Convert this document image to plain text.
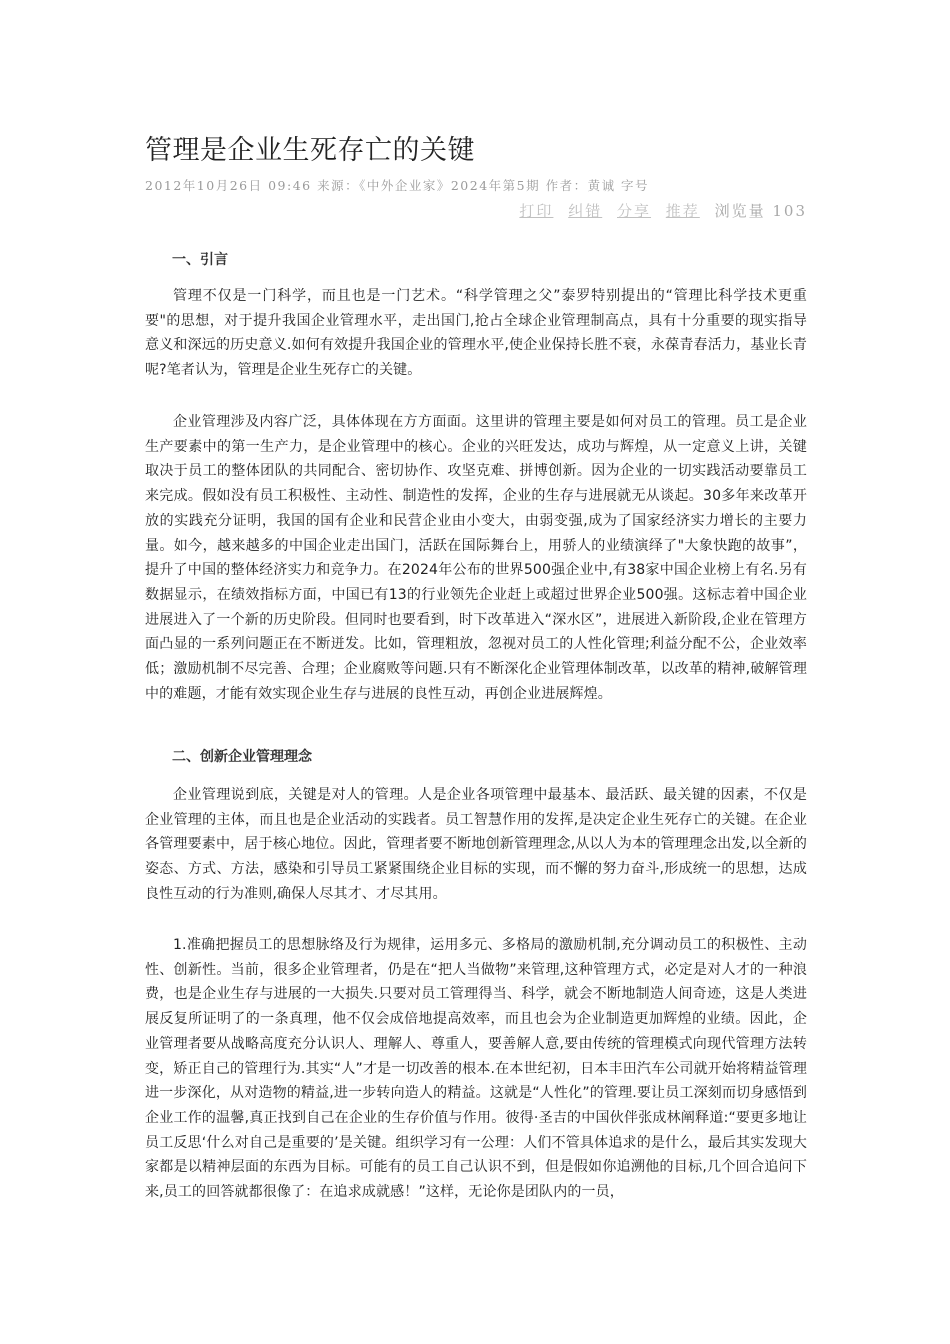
管理是企业生死存亡的关键
2012年10月26日 09:46 来源：《中外企业家》2024年第5期 作者：黄诚 字号
打印 纠错 分享 推荐 浏览量 103
一、引言

管理不仅是一门科学，而且也是一门艺术。“科学管理之父”泰罗特别提出的“管理比科学技术更重要"的思想，对于提升我国企业管理水平，走出国门,抢占全球企业管理制高点，具有十分重要的现实指导意义和深远的历史意义.如何有效提升我国企业的管理水平,使企业保持长胜不衰，永葆青春活力，基业长青呢?笔者认为，管理是企业生死存亡的关键。

企业管理涉及内容广泛，具体体现在方方面面。这里讲的管理主要是如何对员工的管理。员工是企业生产要素中的第一生产力，是企业管理中的核心。企业的兴旺发达，成功与辉煌，从一定意义上讲，关键取决于员工的整体团队的共同配合、密切协作、攻坚克难、拼博创新。因为企业的一切实践活动要靠员工来完成。假如没有员工积极性、主动性、制造性的发挥，企业的生存与进展就无从谈起。30多年来改革开放的实践充分证明，我国的国有企业和民营企业由小变大，由弱变强,成为了国家经济实力增长的主要力量。如今，越来越多的中国企业走出国门，活跃在国际舞台上，用骄人的业绩演绎了"大象快跑的故事”，提升了中国的整体经济实力和竞争力。在2024年公布的世界500强企业中,有38家中国企业榜上有名.另有数据显示，在绩效指标方面，中国已有13的行业领先企业赶上或超过世界企业500强。这标志着中国企业进展进入了一个新的历史阶段。但同时也要看到，时下改革进入“深水区”，进展进入新阶段,企业在管理方面凸显的一系列问题正在不断迸发。比如，管理粗放，忽视对员工的人性化管理;利益分配不公，企业效率低；激励机制不尽完善、合理；企业腐败等问题.只有不断深化企业管理体制改革，以改革的精神,破解管理中的难题，才能有效实现企业生存与进展的良性互动，再创企业进展辉煌。

二、创新企业管理理念

企业管理说到底，关键是对人的管理。人是企业各项管理中最基本、最活跃、最关键的因素，不仅是企业管理的主体，而且也是企业活动的实践者。员工智慧作用的发挥,是决定企业生死存亡的关键。在企业各管理要素中，居于核心地位。因此，管理者要不断地创新管理理念,从以人为本的管理理念出发,以全新的姿态、方式、方法，感染和引导员工紧紧围绕企业目标的实现，而不懈的努力奋斗,形成统一的思想，达成良性互动的行为准则,确保人尽其才、才尽其用。

1.准确把握员工的思想脉络及行为规律，运用多元、多格局的激励机制,充分调动员工的积极性、主动性、创新性。当前，很多企业管理者，仍是在“把人当做物”来管理,这种管理方式，必定是对人才的一种浪费，也是企业生存与进展的一大损失.只要对员工管理得当、科学，就会不断地制造人间奇迹，这是人类进展反复所证明了的一条真理，他不仅会成倍地提高效率，而且也会为企业制造更加辉煌的业绩。因此，企业管理者要从战略高度充分认识人、理解人、尊重人，要善解人意,要由传统的管理模式向现代管理方法转变，矫正自己的管理行为.其实“人”才是一切改善的根本.在本世纪初，日本丰田汽车公司就开始将精益管理进一步深化，从对造物的精益,进一步转向造人的精益。这就是“人性化”的管理.要让员工深刻而切身感悟到企业工作的温馨,真正找到自己在企业的生存价值与作用。彼得·圣吉的中国伙伴张成林阐释道:“要更多地让员工反思‘什么对自己是重要的’是关键。组织学习有一公理：人们不管具体追求的是什么，最后其实发现大家都是以精神层面的东西为目标。可能有的员工自己认识不到，但是假如你追溯他的目标,几个回合追问下来,员工的回答就都很像了：在追求成就感！”这样，无论你是团队内的一员，
